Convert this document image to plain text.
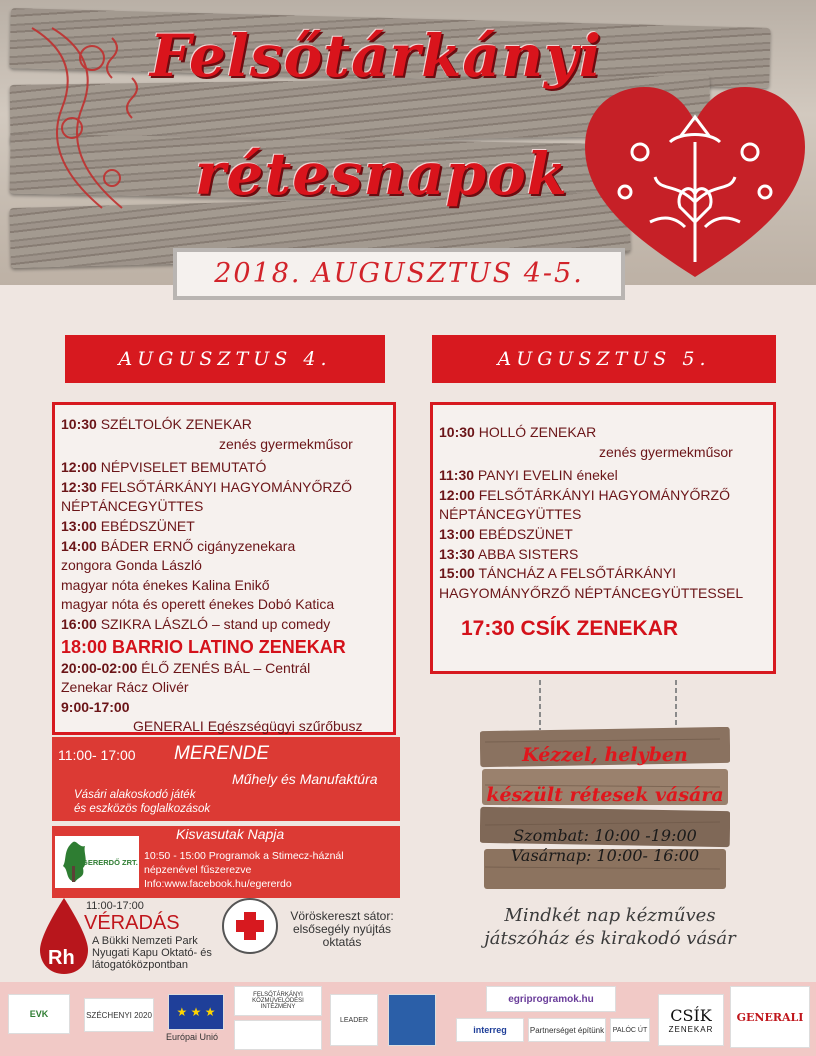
Felsőtárkányi
rétesnapok
2018. AUGUSZTUS 4-5.
AUGUSZTUS 4.	AUGUSZTUS 5.
10:30 SZÉLTOLÓK ZENEKAR
zenés gyermekműsor
12:00 NÉPVISELET BEMUTATÓ
12:30 FELSŐTÁRKÁNYI HAGYOMÁNYŐRZŐ
NÉPTÁNCEGYÜTTES
13:00 EBÉDSZÜNET
14:00 BÁDER ERNŐ cigányzenekara
zongora Gonda László
magyar nóta énekes Kalina Enikő
magyar nóta és operett énekes Dobó Katica
16:00 SZIKRA LÁSZLÓ – stand up comedy
18:00 BARRIO LATINO ZENEKAR
20:00-02:00 ÉLŐ ZENÉS BÁL – Centrál
Zenekar Rácz Olivér
9:00-17:00
GENERALI Egészségügyi szűrőbusz
10:30 HOLLÓ ZENEKAR
zenés gyermekműsor
11:30 PANYI EVELIN énekel
12:00 FELSŐTÁRKÁNYI HAGYOMÁNYŐRZŐ
NÉPTÁNCEGYÜTTES
13:00 EBÉDSZÜNET
13:30 ABBA SISTERS
15:00 TÁNCHÁZ A FELSŐTÁRKÁNYI
HAGYOMÁNYŐRZŐ NÉPTÁNCEGYÜTTESSEL
17:30 CSÍK ZENEKAR
11:00- 17:00 MERENDE
Műhely és Manufaktúra
Vásári alakoskodó játék
és eszközös foglalkozások
Kisvasutak Napja
EGERERDŐ ZRT.
10:50 - 15:00 Programok a Stimecz-háznál
népzenével fűszerezve
Info:www.facebook.hu/egererdo
Rh
11:00-17:00
VÉRADÁS
A Bükki Nemzeti Park
Nyugati Kapu Oktató- és
látogatóközpontban
Vöröskereszt sátor:
elsősegély nyújtás
oktatás
Kézzel, helyben
készült rétesek vására
Szombat: 10:00 -19:00
Vasárnap: 10:00- 16:00
Mindkét nap kézműves
játszóház és kirakodó vásár
EVK	SZÉCHENYI 2020 ★ ★ ★
Európai Unió
FELSŐTÁRKÁNYI KÖZMŰVELŐDÉSI INTÉZMÉNY
LEADER
egriprogramok.hu
interreg	Partnerséget építünk	PALÓC ÚT
CSÍK
ZENEKAR
GENERALI
